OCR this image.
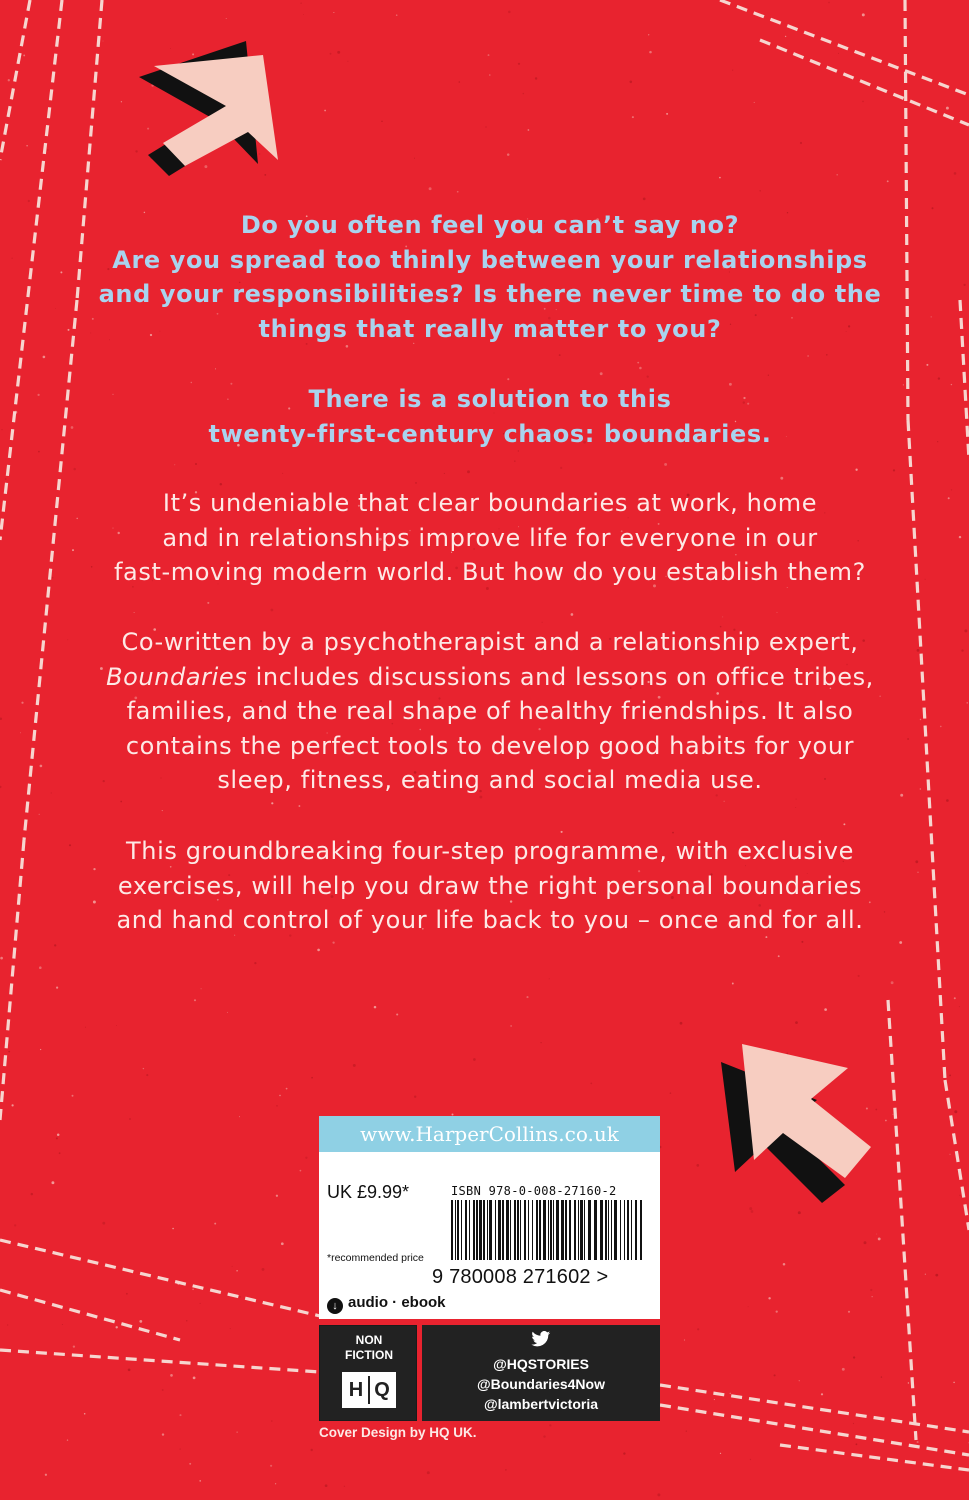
Do you often feel you can’t say no?
Are you spread too thinly between your relationships
and your responsibilities? Is there never time to do the
things that really matter to you?
There is a solution to this
twenty-first-century chaos: boundaries.
It’s undeniable that clear boundaries at work, home
and in relationships improve life for everyone in our
fast-moving modern world. But how do you establish them?
Co-written by a psychotherapist and a relationship expert,
Boundaries includes discussions and lessons on office tribes,
families, and the real shape of healthy friendships. It also
contains the perfect tools to develop good habits for your
sleep, fitness, eating and social media use.
This groundbreaking four-step programme, with exclusive
exercises, will help you draw the right personal boundaries
and hand control of your life back to you – once and for all.
www.HarperCollins.co.uk
UK £9.99*
*recommended price
ISBN 978-0-008-27160-2
9 780008 271602 >
↓ audio · ebook
NON
FICTION
H Q
@HQSTORIES
@Boundaries4Now
@lambertvictoria
Cover Design by HQ UK.
